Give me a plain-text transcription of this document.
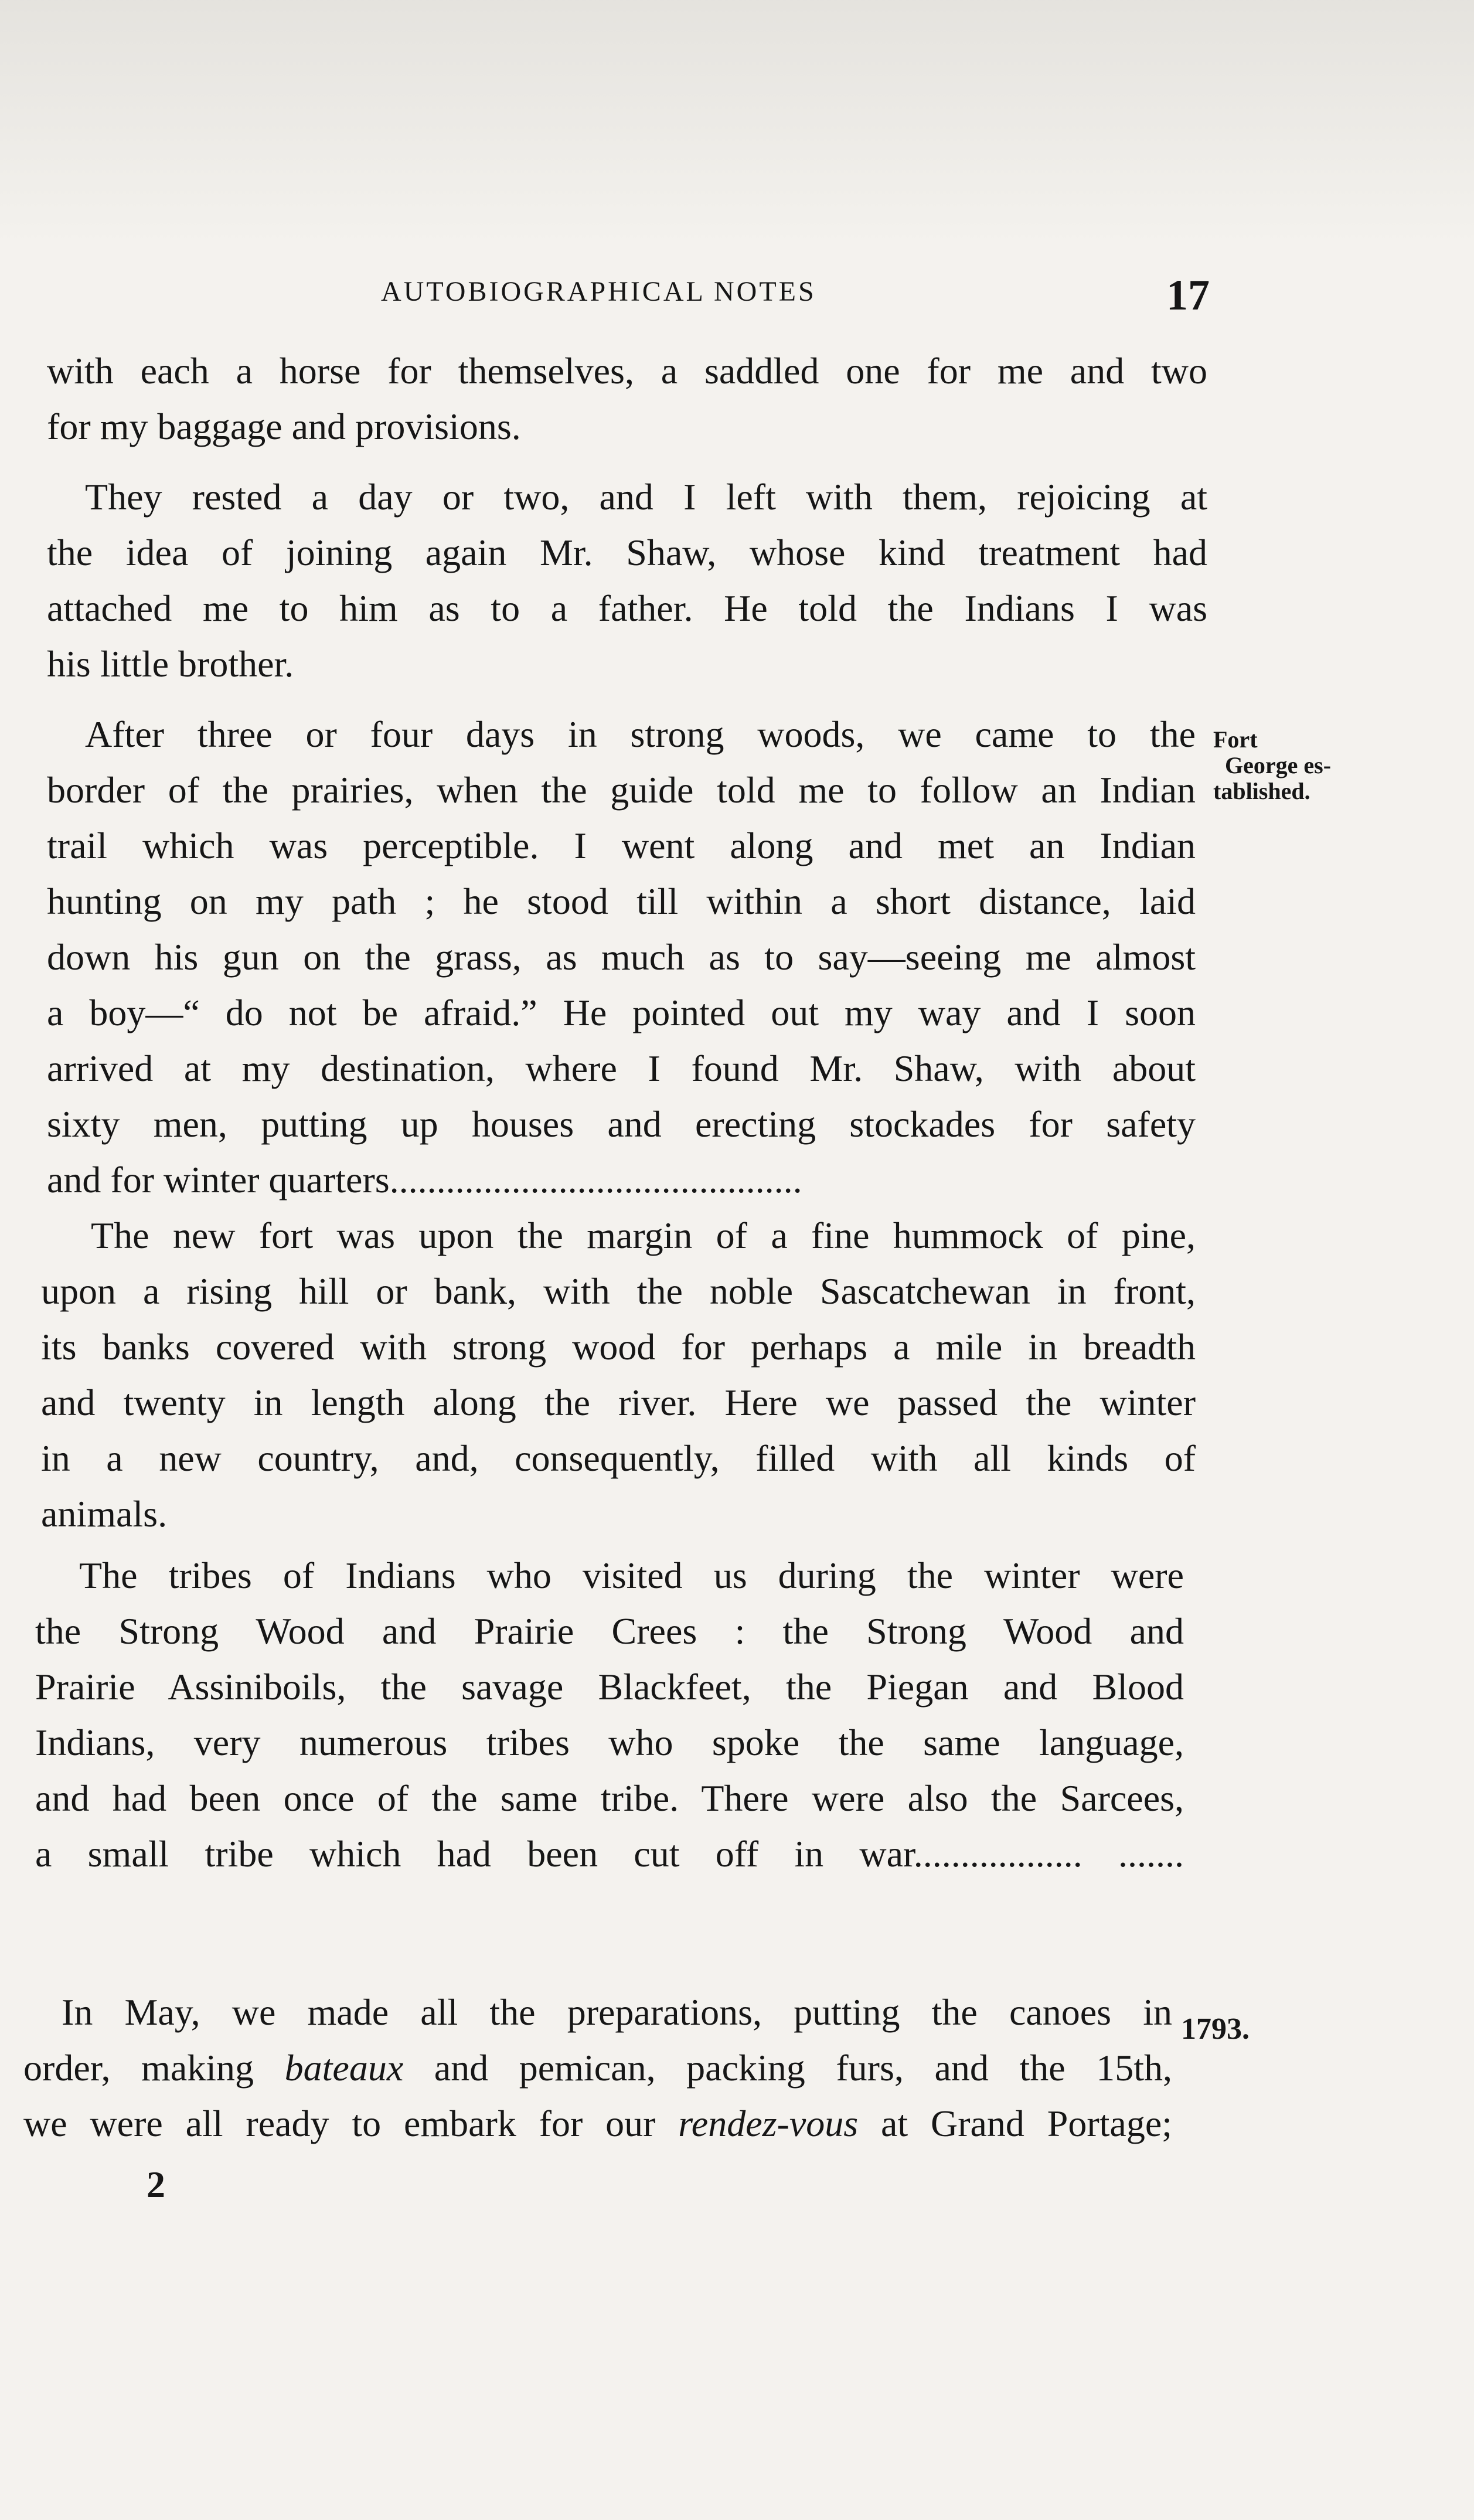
AUTOBIOGRAPHICAL NOTES	17

with each a horse for themselves, a saddled one for me and two
for my baggage and provisions.

They rested a day or two, and I left with them, rejoicing at
the idea of joining again Mr. Shaw, whose kind treatment had
attached me to him as to a father. He told the Indians I was
his little brother.

After three or four days in strong woods, we came to the
border of the prairies, when the guide told me to follow an Indian
trail which was perceptible. I went along and met an Indian
hunting on my path ; he stood till within a short distance, laid
down his gun on the grass, as much as to say—seeing me almost
a boy—“ do not be afraid.” He pointed out my way and I soon
arrived at my destination, where I found Mr. Shaw, with about
sixty men, putting up houses and erecting stockades for safety
and for winter quarters............................................

Fort
George es-
tablished.

The new fort was upon the margin of a fine hummock of pine,
upon a rising hill or bank, with the noble Sascatchewan in front,
its banks covered with strong wood for perhaps a mile in breadth
and twenty in length along the river. Here we passed the winter
in a new country, and, consequently, filled with all kinds of
animals.

The tribes of Indians who visited us during the winter were
the Strong Wood and Prairie Crees : the Strong Wood and
Prairie Assiniboils, the savage Blackfeet, the Piegan and Blood
Indians, very numerous tribes who spoke the same language,
and had been once of the same tribe. There were also the Sarcees,
a small tribe which had been cut off in war.................. .......

In May, we made all the preparations, putting the canoes in
order, making bateaux and pemican, packing furs, and the 15th,
we were all ready to embark for our rendez-vous at Grand Portage;

1793.
2
